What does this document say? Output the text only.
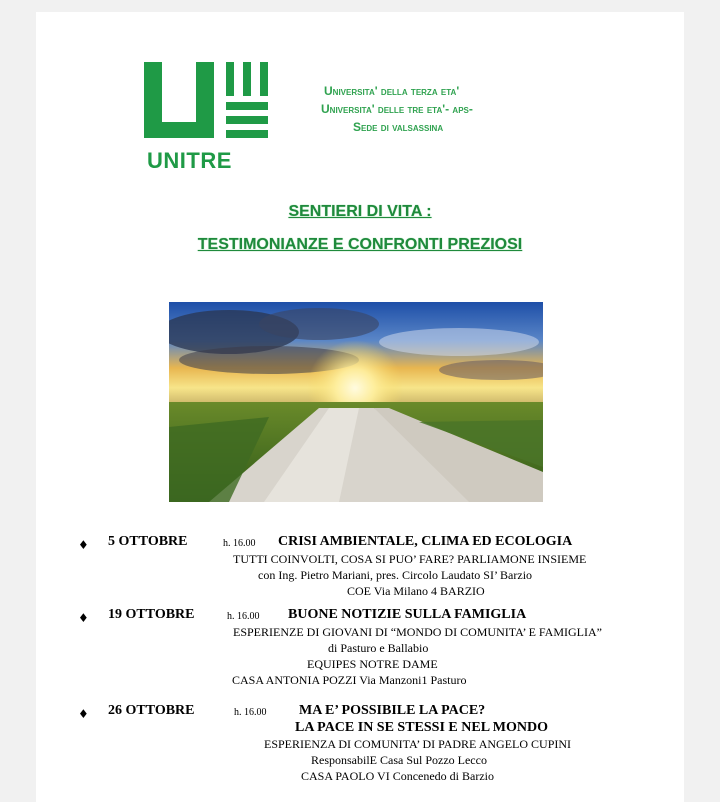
UNITRE
Universita' della terza eta'
Universita' delle tre eta'- aps-
Sede di valsassina
SENTIERI DI VITA :
TESTIMONIANZE E CONFRONTI PREZIOSI
♦ 5 OTTOBRE	h. 16.00 CRISI AMBIENTALE, CLIMA ED ECOLOGIA
TUTTI COINVOLTI, COSA SI PUO’ FARE? PARLIAMONE INSIEME
con Ing. Pietro Mariani, pres. Circolo Laudato SI’ Barzio
COE Via Milano 4 BARZIO
♦ 19 OTTOBRE	h. 16.00 BUONE NOTIZIE SULLA FAMIGLIA
ESPERIENZE DI GIOVANI DI “MONDO DI COMUNITA’ E FAMIGLIA”
di Pasturo e Ballabio
EQUIPES NOTRE DAME
CASA ANTONIA POZZI Via Manzoni1 Pasturo
♦ 26 OTTOBRE	h. 16.00 MA E’ POSSIBILE LA PACE?
LA PACE IN SE STESSI E NEL MONDO
ESPERIENZA DI COMUNITA’ DI PADRE ANGELO CUPINI
ResponsabilE Casa Sul Pozzo Lecco
CASA PAOLO VI Concenedo di Barzio
